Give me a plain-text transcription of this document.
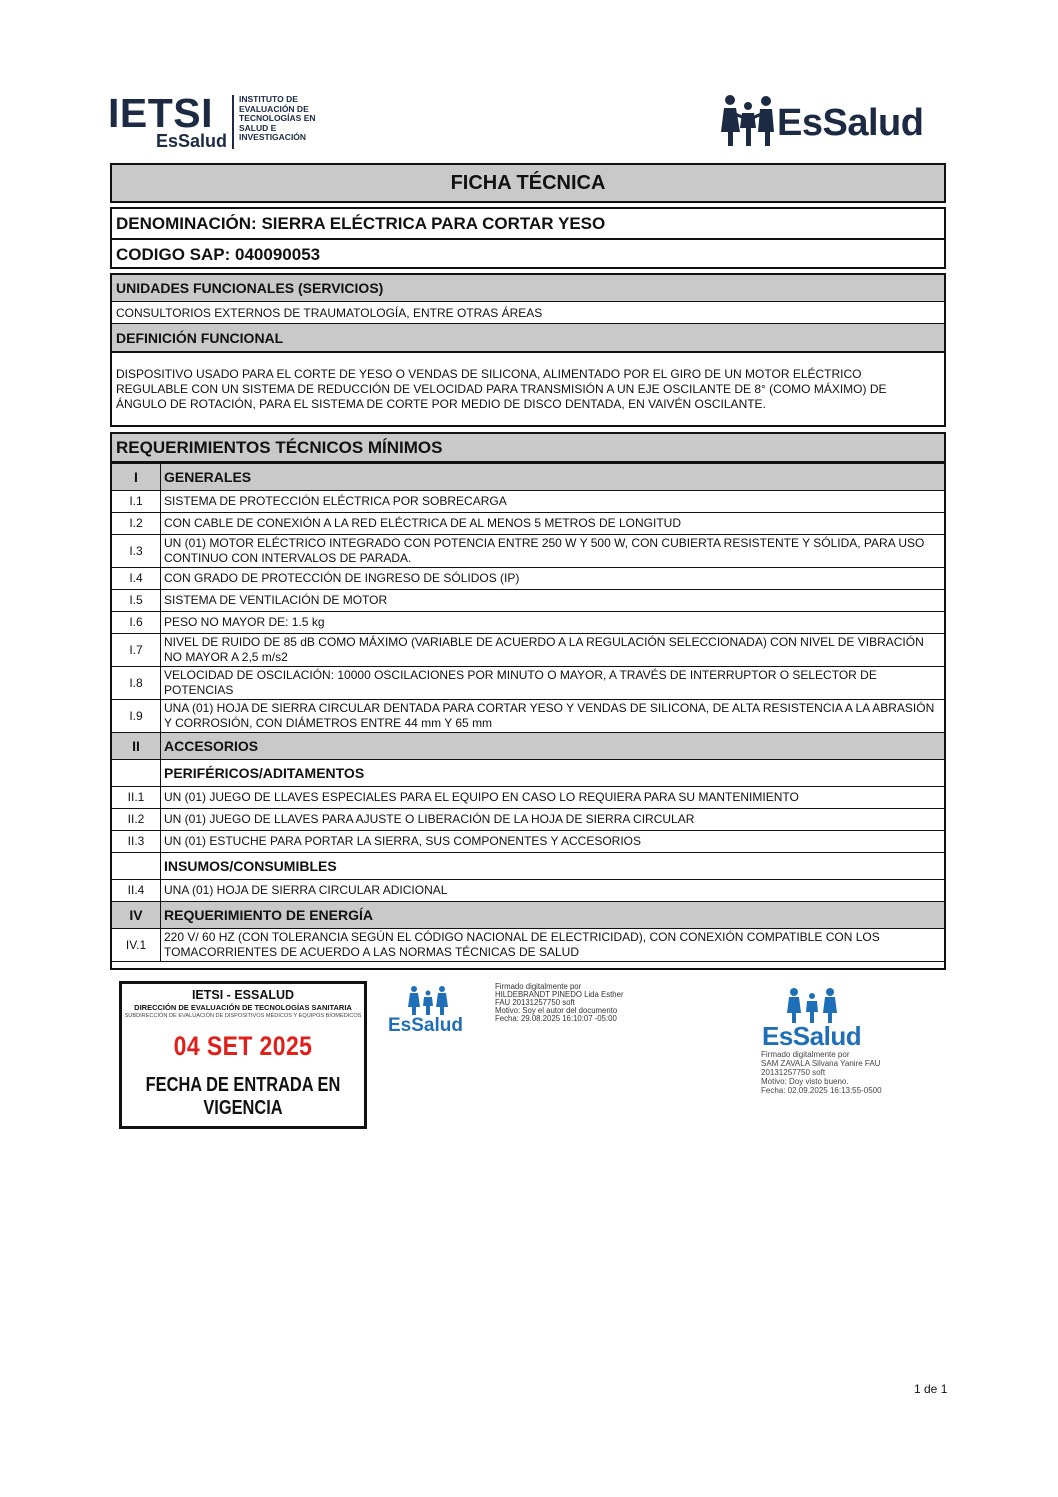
IETSI
EsSalud
INSTITUTO DE
EVALUACIÓN DE
TECNOLOGÍAS EN
SALUD E
INVESTIGACIÓN	EsSalud
FICHA TÉCNICA
DENOMINACIÓN: SIERRA ELÉCTRICA PARA CORTAR YESO
CODIGO SAP: 040090053
UNIDADES FUNCIONALES (SERVICIOS)
CONSULTORIOS EXTERNOS DE TRAUMATOLOGÍA, ENTRE OTRAS ÁREAS
DEFINICIÓN FUNCIONAL
DISPOSITIVO USADO PARA EL CORTE DE YESO O VENDAS DE SILICONA, ALIMENTADO POR EL GIRO DE UN MOTOR ELÉCTRICO
REGULABLE CON UN SISTEMA DE REDUCCIÓN DE VELOCIDAD PARA TRANSMISIÓN A UN EJE OSCILANTE DE 8° (COMO MÁXIMO) DE
ÁNGULO DE ROTACIÓN, PARA EL SISTEMA DE CORTE POR MEDIO DE DISCO DENTADA, EN VAIVÉN OSCILANTE.
REQUERIMIENTOS TÉCNICOS MÍNIMOS
I	GENERALES
I.1	SISTEMA DE PROTECCIÓN ELÉCTRICA POR SOBRECARGA
I.2	CON CABLE DE CONEXIÓN A LA RED ELÉCTRICA DE AL MENOS 5 METROS DE LONGITUD
I.3	UN (01) MOTOR ELÉCTRICO INTEGRADO CON POTENCIA ENTRE 250 W Y 500 W, CON CUBIERTA RESISTENTE Y SÓLIDA, PARA USO CONTINUO CON INTERVALOS DE PARADA.
I.4	CON GRADO DE PROTECCIÓN DE INGRESO DE SÓLIDOS (IP)
I.5	SISTEMA DE VENTILACIÓN DE MOTOR
I.6	PESO NO MAYOR DE: 1.5 kg
I.7	NIVEL DE RUIDO DE 85 dB COMO MÁXIMO (VARIABLE DE ACUERDO A LA REGULACIÓN SELECCIONADA) CON NIVEL DE VIBRACIÓN NO MAYOR A 2,5 m/s2
I.8	VELOCIDAD DE OSCILACIÓN: 10000 OSCILACIONES POR MINUTO O MAYOR, A TRAVÉS DE INTERRUPTOR O SELECTOR DE POTENCIAS
I.9	UNA (01) HOJA DE SIERRA CIRCULAR DENTADA PARA CORTAR YESO Y VENDAS DE SILICONA, DE ALTA RESISTENCIA A LA ABRASIÓN Y CORROSIÓN, CON DIÁMETROS ENTRE 44 mm Y 65 mm
II	ACCESORIOS
	PERIFÉRICOS/ADITAMENTOS
II.1	UN (01) JUEGO DE LLAVES ESPECIALES PARA EL EQUIPO EN CASO LO REQUIERA PARA SU MANTENIMIENTO
II.2	UN (01) JUEGO DE LLAVES PARA AJUSTE O LIBERACIÓN DE LA HOJA DE SIERRA CIRCULAR
II.3	UN (01) ESTUCHE PARA PORTAR LA SIERRA, SUS COMPONENTES Y ACCESORIOS
	INSUMOS/CONSUMIBLES
II.4	UNA (01) HOJA DE SIERRA CIRCULAR ADICIONAL
IV	REQUERIMIENTO DE ENERGÍA
IV.1	220 V/ 60 HZ (CON TOLERANCIA SEGÚN EL CÓDIGO NACIONAL DE ELECTRICIDAD), CON CONEXIÓN COMPATIBLE CON LOS TOMACORRIENTES DE ACUERDO A LAS NORMAS TÉCNICAS DE SALUD
IETSI - ESSALUD
DIRECCIÓN DE EVALUACIÓN DE TECNOLOGÍAS SANITARIA
SUBDIRECCIÓN DE EVALUACIÓN DE DISPOSITIVOS MÉDICOS Y EQUIPOS BIOMÉDICOS
04 SET 2025
FECHA DE ENTRADA EN VIGENCIA
EsSalud
Firmado digitalmente por
HILDEBRANDT PINEDO Lida Esther
FAU 20131257750 soft
Motivo: Soy el autor del documento
Fecha: 29.08.2025 16:10:07 -05:00
EsSalud
Firmado digitalmente por
SAM ZAVALA Silvana Yanire FAU
20131257750 soft
Motivo: Doy visto bueno.
Fecha: 02.09.2025 16:13:55-0500
1 de 1
